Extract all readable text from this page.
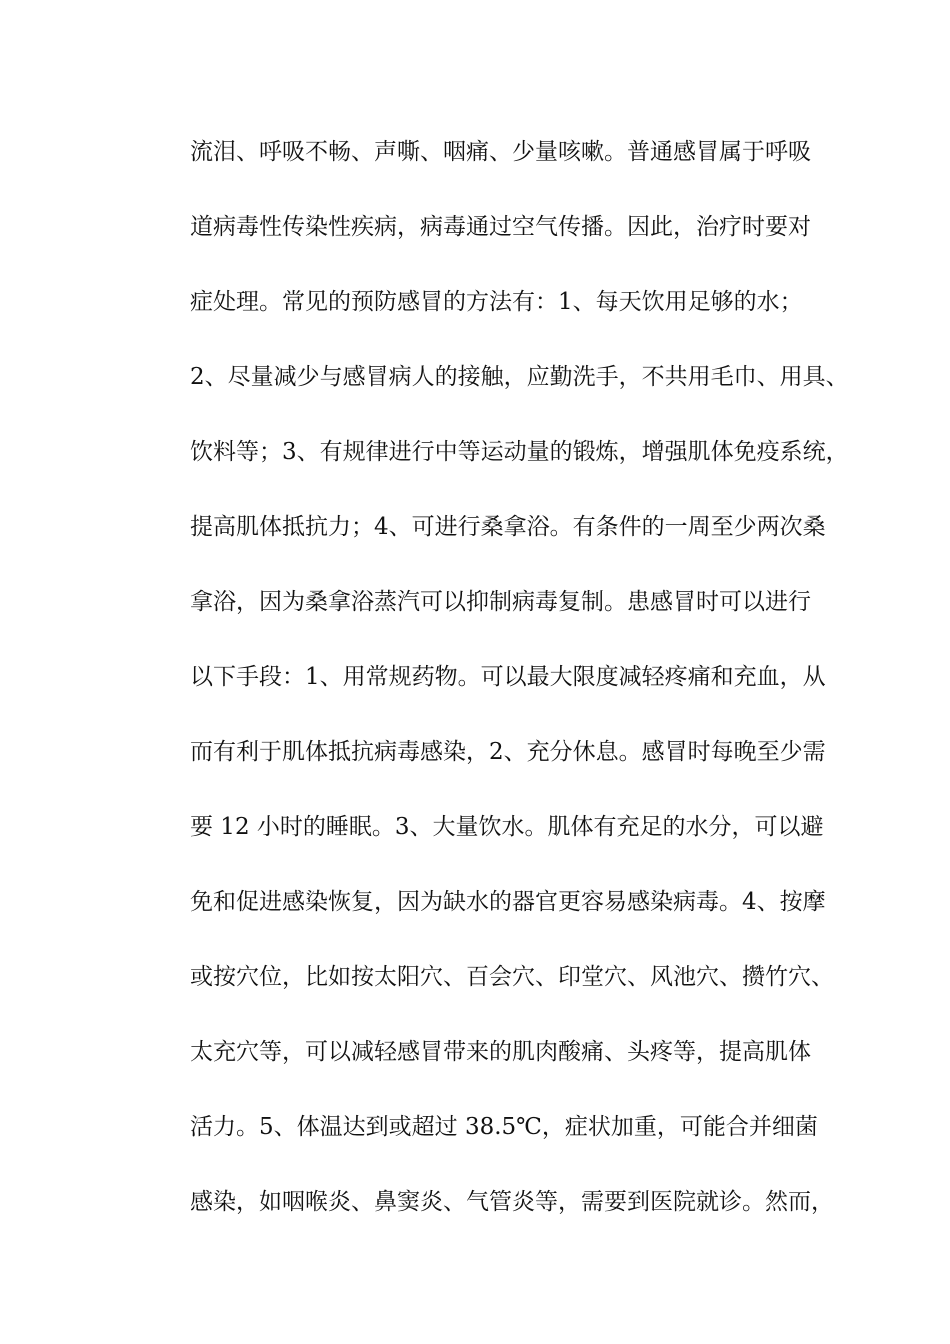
流泪、呼吸不畅、声嘶、咽痛、少量咳嗽。普通感冒属于呼吸
道病毒性传染性疾病，病毒通过空气传播。因此，治疗时要对
症处理。常见的预防感冒的方法有：1、每天饮用足够的水；
2、尽量减少与感冒病人的接触，应勤洗手，不共用毛巾、用具、
饮料等；3、有规律进行中等运动量的锻炼，增强肌体免疫系统，
提高肌体抵抗力；4、可进行桑拿浴。有条件的一周至少两次桑
拿浴，因为桑拿浴蒸汽可以抑制病毒复制。患感冒时可以进行
以下手段：1、用常规药物。可以最大限度减轻疼痛和充血，从
而有利于肌体抵抗病毒感染，2、充分休息。感冒时每晚至少需
要 12 小时的睡眠。3、大量饮水。肌体有充足的水分，可以避
免和促进感染恢复，因为缺水的器官更容易感染病毒。4、按摩
或按穴位，比如按太阳穴、百会穴、印堂穴、风池穴、攒竹穴、
太充穴等，可以减轻感冒带来的肌肉酸痛、头疼等，提高肌体
活力。5、体温达到或超过 38.5℃，症状加重，可能合并细菌
感染，如咽喉炎、鼻窦炎、气管炎等，需要到医院就诊。然而，
